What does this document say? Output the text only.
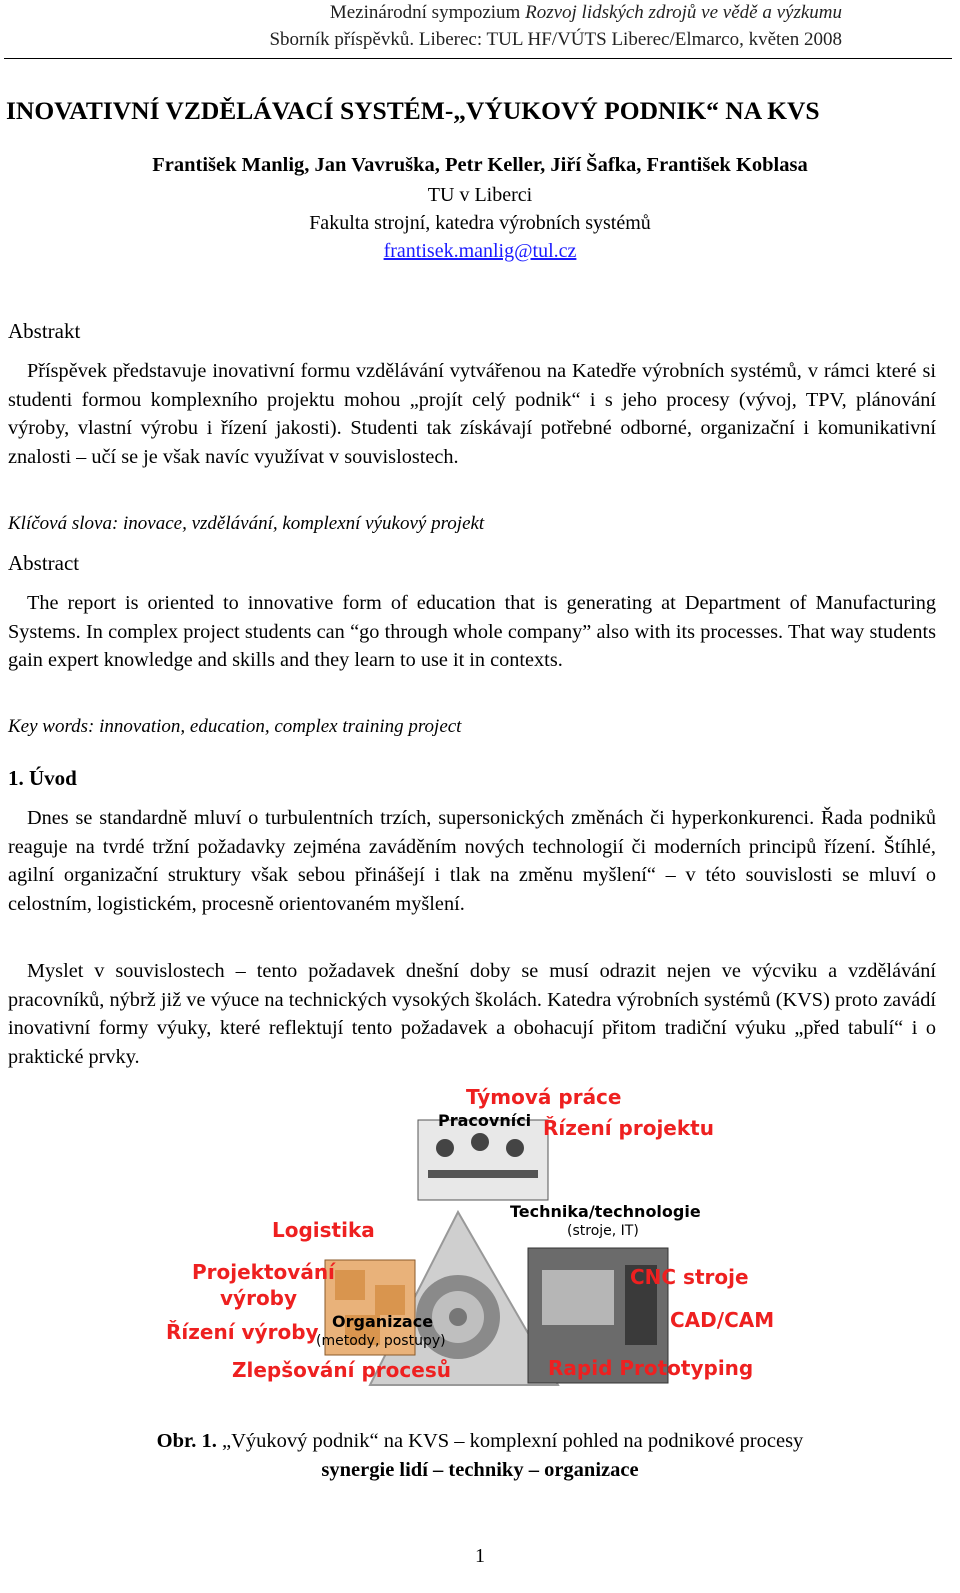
Mezinárodní sympozium Rozvoj lidských zdrojů ve vědě a výzkumu
Sborník příspěvků. Liberec: TUL HF/VÚTS Liberec/Elmarco, květen 2008
INOVATIVNÍ VZDĚLÁVACÍ SYSTÉM-„VÝUKOVÝ PODNIK“ NA KVS
František Manlig, Jan Vavruška, Petr Keller, Jiří Šafka, František Koblasa
TU v Liberci
Fakulta strojní, katedra výrobních systémů
frantisek.manlig@tul.cz
Abstrakt
Příspěvek představuje inovativní formu vzdělávání vytvářenou na Katedře výrobních systémů, v rámci které si studenti formou komplexního projektu mohou „projít celý podnik“ i s jeho procesy (vývoj, TPV, plánování výroby, vlastní výrobu i řízení jakosti). Studenti tak získávají potřebné odborné, organizační i komunikativní znalosti – učí se je však navíc využívat v souvislostech.
Klíčová slova: inovace, vzdělávání, komplexní výukový projekt
Abstract
The report is oriented to innovative form of education that is generating at Department of Manufacturing Systems. In complex project students can “go through whole company” also with its processes. That way students gain expert knowledge and skills and they learn to use it in contexts.
Key words: innovation, education, complex training project
1. Úvod
Dnes se standardně mluví o turbulentních trzích, supersonických změnách či hyperkonkurenci. Řada podniků reaguje na tvrdé tržní požadavky zejména zaváděním nových technologií či moderních principů řízení. Štíhlé, agilní organizační struktury však sebou přinášejí i tlak na změnu myšlení“ – v této souvislosti se mluví o celostním, logistickém, procesně orientovaném myšlení.
Myslet v souvislostech – tento požadavek dnešní doby se musí odrazit nejen ve výcviku a vzdělávání pracovníků, nýbrž již ve výuce na technických vysokých školách. Katedra výrobních systémů (KVS) proto zavádí inovativní formy výuky, které reflektují tento požadavek a obohacují přitom tradiční výuku „před tabulí“ i o praktické prvky.
Týmová práce
Pracovníci Řízení projektu
Technika/technologie
(stroje, IT)
Logistika
Projektování
výroby
Řízení výroby Organizace
(metody, postupy)
CNC stroje
CAD/CAM
Zlepšování procesů	Rapid Prototyping
Obr. 1. „Výukový podnik“ na KVS – komplexní pohled na podnikové procesy
synergie lidí – techniky – organizace
1
